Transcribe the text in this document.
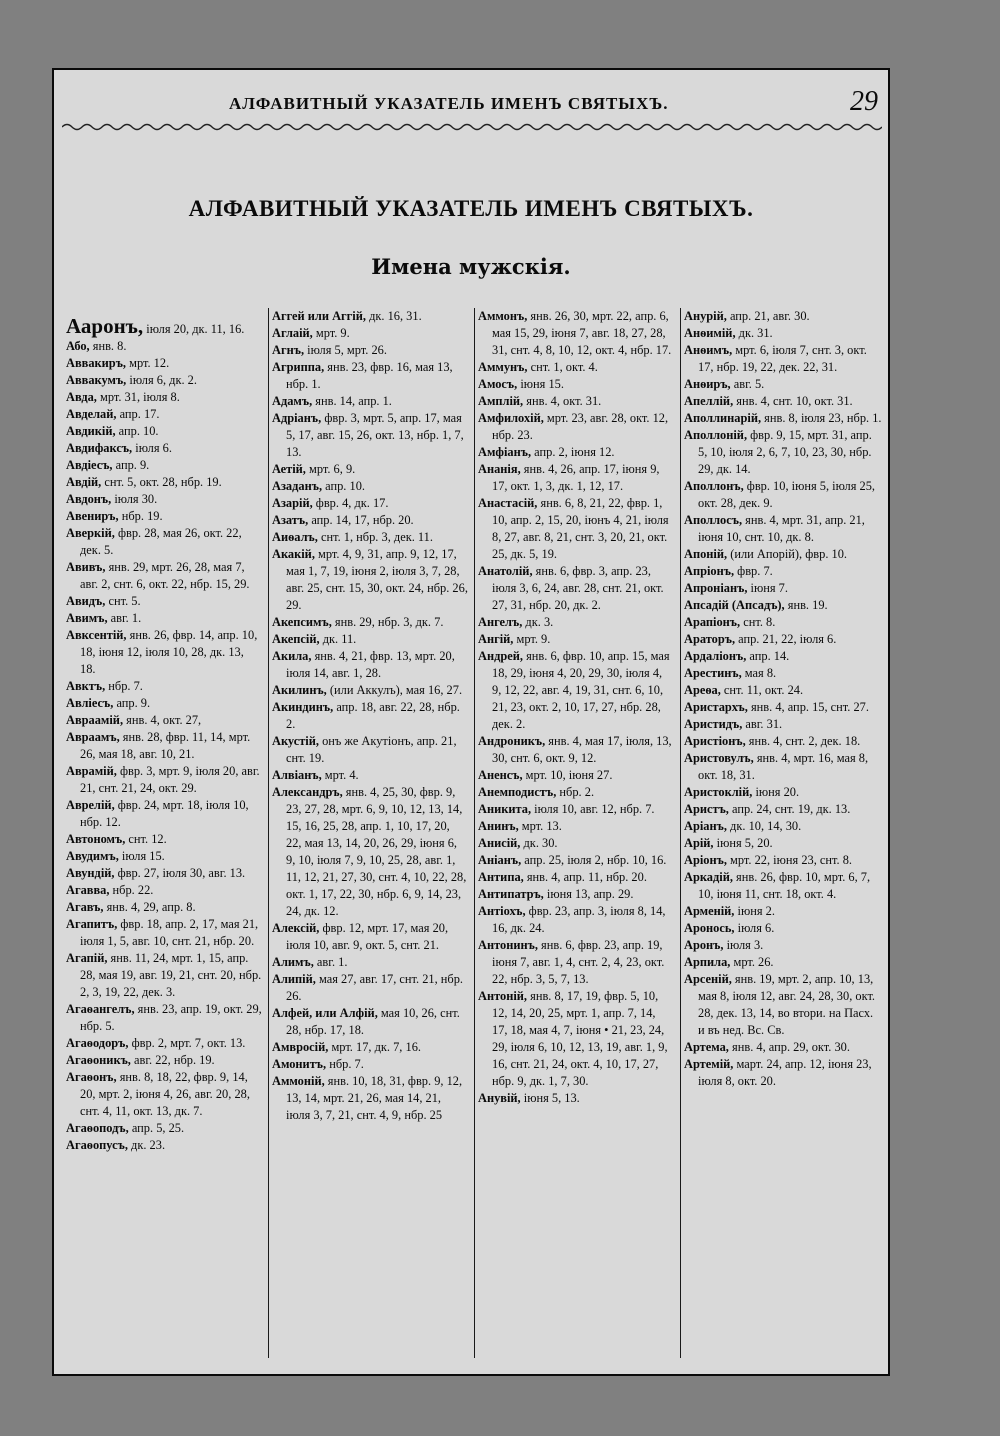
АЛФАВИТНЫЙ УКАЗАТЕЛЬ ИМЕНЪ СВЯТЫХЪ.	29
АЛФАВИТНЫЙ УКАЗАТЕЛЬ ИМЕНЪ СВЯТЫХЪ.
Имена мужскія.

Ааронъ, іюля 20, дк. 11, 16.

Або, янв. 8.

Аввакиръ, мрт. 12.

Аввакумъ, іюля 6, дк. 2.

Авда, мрт. 31, іюля 8.

Авделай, апр. 17.

Авдикій, апр. 10.

Авдифаксъ, іюля 6.

Авдіесъ, апр. 9.

Авдій, снт. 5, окт. 28, нбр. 19.

Авдонъ, іюля 30.

Авениръ, нбр. 19.

Аверкій, фвр. 28, мая 26, окт. 22, дек. 5.

Авивъ, янв. 29, мрт. 26, 28, мая 7, авг. 2, снт. 6, окт. 22, нбр. 15, 29.

Авидъ, снт. 5.

Авимъ, авг. 1.

Авксентій, янв. 26, фвр. 14, апр. 10, 18, іюня 12, іюля 10, 28, дк. 13, 18.

Авктъ, нбр. 7.

Авліесъ, апр. 9.

Авраамій, янв. 4, окт. 27,

Авраамъ, янв. 28, фвр. 11, 14, мрт. 26, мая 18, авг. 10, 21.

Аврамій, фвр. 3, мрт. 9, іюля 20, авг. 21, снт. 21, 24, окт. 29.

Аврелій, фвр. 24, мрт. 18, іюля 10, нбр. 12.

Автономъ, снт. 12.

Авудимъ, іюля 15.

Авундій, фвр. 27, іюля 30, авг. 13.

Агавва, нбр. 22.

Агавъ, янв. 4, 29, апр. 8.

Агапитъ, фвр. 18, апр. 2, 17, мая 21, іюля 1, 5, авг. 10, снт. 21, нбр. 20.

Агапій, янв. 11, 24, мрт. 1, 15, апр. 28, мая 19, авг. 19, 21, снт. 20, нбр. 2, 3, 19, 22, дек. 3.

Агаѳангелъ, янв. 23, апр. 19, окт. 29, нбр. 5.

Агаѳодоръ, фвр. 2, мрт. 7, окт. 13.

Агаѳоникъ, авг. 22, нбр. 19.

Агаѳонъ, янв. 8, 18, 22, фвр. 9, 14, 20, мрт. 2, іюня 4, 26, авг. 20, 28, снт. 4, 11, окт. 13, дк. 7.

Агаѳоподъ, апр. 5, 25.

Агаѳопусъ, дк. 23.

Аггей или Аггій, дк. 16, 31.

Аглаій, мрт. 9.

Агнъ, іюля 5, мрт. 26.

Агриппа, янв. 23, фвр. 16, мая 13, нбр. 1.

Адамъ, янв. 14, апр. 1.

Адріанъ, фвр. 3, мрт. 5, апр. 17, мая 5, 17, авг. 15, 26, окт. 13, нбр. 1, 7, 13.

Аетій, мрт. 6, 9.

Азаданъ, апр. 10.

Азарій, фвр. 4, дк. 17.

Азатъ, апр. 14, 17, нбр. 20.

Аиѳалъ, снт. 1, нбр. 3, дек. 11.

Акакій, мрт. 4, 9, 31, апр. 9, 12, 17, мая 1, 7, 19, іюня 2, іюля 3, 7, 28, авг. 25, снт. 15, 30, окт. 24, нбр. 26, 29.

Акепсимъ, янв. 29, нбр. 3, дк. 7.

Акепсій, дк. 11.

Акила, янв. 4, 21, фвр. 13, мрт. 20, іюля 14, авг. 1, 28.

Акилинъ, (или Аккулъ), мая 16, 27.

Акиндинъ, апр. 18, авг. 22, 28, нбр. 2.

Акустій, онъ же Акутіонъ, апр. 21, снт. 19.

Алвіанъ, мрт. 4.

Александръ, янв. 4, 25, 30, фвр. 9, 23, 27, 28, мрт. 6, 9, 10, 12, 13, 14, 15, 16, 25, 28, апр. 1, 10, 17, 20, 22, мая 13, 14, 20, 26, 29, іюня 6, 9, 10, іюля 7, 9, 10, 25, 28, авг. 1, 11, 12, 21, 27, 30, снт. 4, 10, 22, 28, окт. 1, 17, 22, 30, нбр. 6, 9, 14, 23, 24, дк. 12.

Алексій, фвр. 12, мрт. 17, мая 20, іюля 10, авг. 9, окт. 5, снт. 21.

Алимъ, авг. 1.

Алипій, мая 27, авг. 17, снт. 21, нбр. 26.

Алфей, или Алфій, мая 10, 26, снт. 28, нбр. 17, 18.

Амвросій, мрт. 17, дк. 7, 16.

Амонитъ, нбр. 7.

Аммоній, янв. 10, 18, 31, фвр. 9, 12, 13, 14, мрт. 21, 26, мая 14, 21, іюля 3, 7, 21, снт. 4, 9, нбр. 25

Аммонъ, янв. 26, 30, мрт. 22, апр. 6, мая 15, 29, іюня 7, авг. 18, 27, 28, 31, снт. 4, 8, 10, 12, окт. 4, нбр. 17.

Аммунъ, снт. 1, окт. 4.

Амосъ, іюня 15.

Амплій, янв. 4, окт. 31.

Амфилохій, мрт. 23, авг. 28, окт. 12, нбр. 23.

Амфіанъ, апр. 2, іюня 12.

Ананія, янв. 4, 26, апр. 17, іюня 9, 17, окт. 1, 3, дк. 1, 12, 17.

Анастасій, янв. 6, 8, 21, 22, фвр. 1, 10, апр. 2, 15, 20, іюнъ 4, 21, іюля 8, 27, авг. 8, 21, снт. 3, 20, 21, окт. 25, дк. 5, 19.

Анатолій, янв. 6, фвр. 3, апр. 23, іюля 3, 6, 24, авг. 28, снт. 21, окт. 27, 31, нбр. 20, дк. 2.

Ангелъ, дк. 3.

Ангій, мрт. 9.

Андрей, янв. 6, фвр. 10, апр. 15, мая 18, 29, іюня 4, 20, 29, 30, іюля 4, 9, 12, 22, авг. 4, 19, 31, снт. 6, 10, 21, 23, окт. 2, 10, 17, 27, нбр. 28, дек. 2.

Андроникъ, янв. 4, мая 17, іюля, 13, 30, снт. 6, окт. 9, 12.

Аненсъ, мрт. 10, іюня 27.

Анемподистъ, нбр. 2.

Аникита, іюля 10, авг. 12, нбр. 7.

Анинъ, мрт. 13.

Анисій, дк. 30.

Аніанъ, апр. 25, іюля 2, нбр. 10, 16.

Антипа, янв. 4, апр. 11, нбр. 20.

Антипатръ, іюня 13, апр. 29.

Антіохъ, фвр. 23, апр. 3, іюля 8, 14, 16, дк. 24.

Антонинъ, янв. 6, фвр. 23, апр. 19, іюня 7, авг. 1, 4, снт. 2, 4, 23, окт. 22, нбр. 3, 5, 7, 13.

Антоній, янв. 8, 17, 19, фвр. 5, 10, 12, 14, 20, 25, мрт. 1, апр. 7, 14, 17, 18, мая 4, 7, іюня • 21, 23, 24, 29, іюля 6, 10, 12, 13, 19, авг. 1, 9, 16, снт. 21, 24, окт. 4, 10, 17, 27, нбр. 9, дк. 1, 7, 30.

Анувій, іюня 5, 13.

Анурій, апр. 21, авг. 30.

Анѳимій, дк. 31.

Анѳимъ, мрт. 6, іюля 7, снт. 3, окт. 17, нбр. 19, 22, дек. 22, 31.

Анѳиръ, авг. 5.

Апеллій, янв. 4, снт. 10, окт. 31.

Аполлинарій, янв. 8, іюля 23, нбр. 1.

Аполлоній, фвр. 9, 15, мрт. 31, апр. 5, 10, іюля 2, 6, 7, 10, 23, 30, нбр. 29, дк. 14.

Аполлонъ, фвр. 10, іюня 5, іюля 25, окт. 28, дек. 9.

Аполлосъ, янв. 4, мрт. 31, апр. 21, іюня 10, снт. 10, дк. 8.

Апоній, (или Апорій), фвр. 10.

Апріонъ, фвр. 7.

Апроніанъ, іюня 7.

Апсадій (Апсадъ), янв. 19.

Арапіонъ, снт. 8.

Араторъ, апр. 21, 22, іюля 6.

Ардаліонъ, апр. 14.

Арестинъ, мая 8.

Ареѳа, снт. 11, окт. 24.

Аристархъ, янв. 4, апр. 15, снт. 27.

Аристидъ, авг. 31.

Аристіонъ, янв. 4, снт. 2, дек. 18.

Аристовулъ, янв. 4, мрт. 16, мая 8, окт. 18, 31.

Аристоклій, іюня 20.

Аристъ, апр. 24, снт. 19, дк. 13.

Аріанъ, дк. 10, 14, 30.

Арій, іюня 5, 20.

Аріонъ, мрт. 22, іюня 23, снт. 8.

Аркадій, янв. 26, фвр. 10, мрт. 6, 7, 10, іюня 11, снт. 18, окт. 4.

Арменій, іюня 2.

Аронось, іюля 6.

Аронъ, іюля 3.

Арпила, мрт. 26.

Арсеній, янв. 19, мрт. 2, апр. 10, 13, мая 8, іюля 12, авг. 24, 28, 30, окт. 28, дек. 13, 14, во втори. на Пасх. и въ нед. Вс. Св.

Артема, янв. 4, апр. 29, окт. 30.

Артемій, март. 24, апр. 12, іюня 23, іюля 8, окт. 20.
